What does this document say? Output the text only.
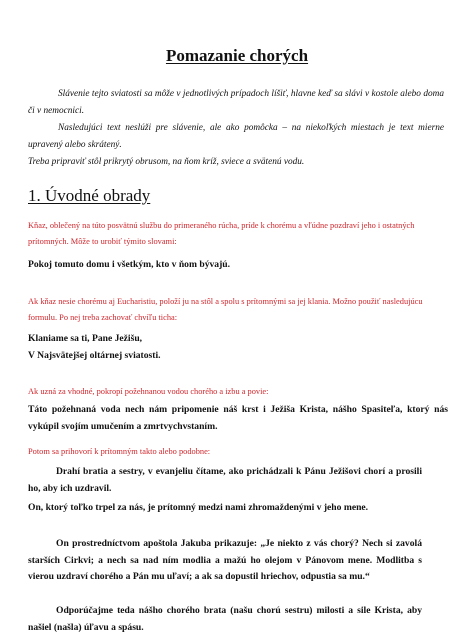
Pomazanie chorých
Slávenie tejto sviatosti sa môže v jednotlivých prípadoch líšiť, hlavne keď sa slávi v kostole alebo doma či v nemocnici.
Nasledujúci text neslúži pre slávenie, ale ako pomôcka – na niekoľkých miestach je text mierne upravený alebo skrátený.
Treba pripraviť stôl prikrytý obrusom, na ňom kríž, sviece a svätenú vodu.
1. Úvodné obrady
Kňaz, oblečený na túto posvätnú službu do primeraného rúcha, príde k chorému a vľúdne pozdraví jeho i ostatných prítomných. Môže to urobiť týmito slovami:
Pokoj tomuto domu i všetkým, kto v ňom bývajú.
Ak kňaz nesie chorému aj Eucharistiu, položí ju na stôl a spolu s prítomnými sa jej klania. Možno použiť nasledujúcu formulu. Po nej treba zachovať chvíľu ticha:
Klaniame sa ti, Pane Ježišu,
V Najsvätejšej oltárnej sviatosti.
Ak uzná za vhodné, pokropí požehnanou vodou chorého a izbu a povie:
Táto požehnaná voda nech nám pripomenie náš krst i Ježiša Krista, nášho Spasiteľa, ktorý nás vykúpil svojím umučením a zmrtvychvstaním.
Potom sa prihovorí k prítomným takto alebo podobne:
Drahí bratia a sestry, v evanjeliu čítame, ako prichádzali k Pánu Ježišovi chorí a prosili ho, aby ich uzdravil.
On, ktorý toľko trpel za nás, je prítomný medzi nami zhromaždenými v jeho mene.
On prostredníctvom apoštola Jakuba prikazuje: „Je niekto z vás chorý? Nech si zavolá starších Cirkvi; a nech sa nad ním modlia a mažú ho olejom v Pánovom mene. Modlitba s vierou uzdraví chorého a Pán mu uľaví; a ak sa dopustil hriechov, odpustia sa mu.“
Odporúčajme teda nášho chorého brata (našu chorú sestru) milosti a sile Krista, aby našiel (našla) úľavu a spásu.
